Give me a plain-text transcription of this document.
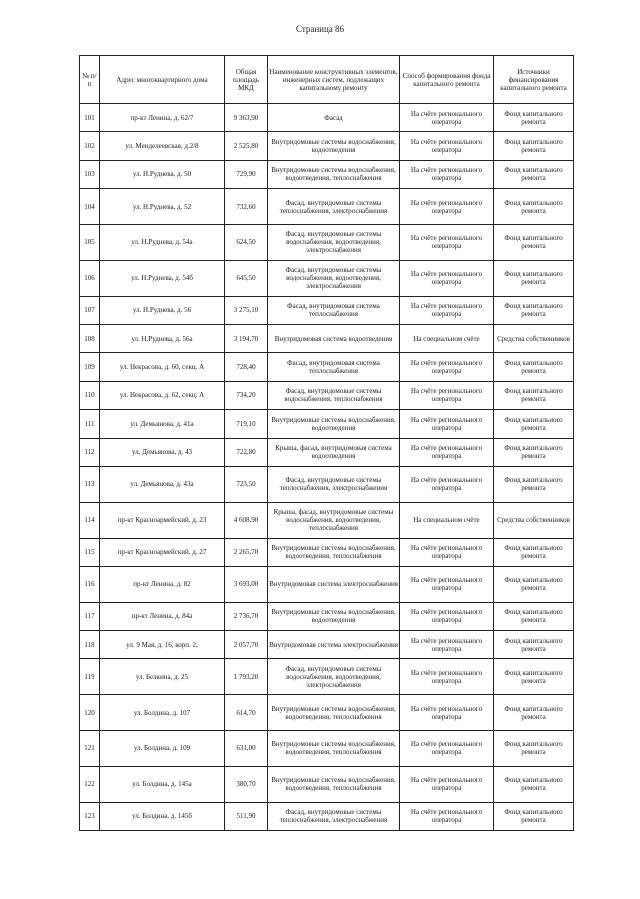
Страница 86
№ п/п	Адрес многоквартирного дома	Общая площадь МКД	Наименование конструктивных элементов, инженерных систем, подлежащих капитальному ремонту	Способ формирования фонда капитального ремонта	Источники финансирования капитального ремонта
101	пр-кт Ленина, д. 62/7	9 363,90	Фасад	На счёте регионального оператора	Фонд капитального ремонта
102	ул. Менделеевская, д.2/8	2 525,80	Внутридомовые системы водоснабжения, водоотведения	На счёте регионального оператора	Фонд капитального ремонта
103	ул. Н.Руднева, д. 50	729,90	Внутридомовые системы водоснабжения, водоотведения, теплоснабжения	На счёте регионального оператора	Фонд капитального ремонта
104	ул. Н.Руднева, д. 52	732,60	Фасад, внутридомовые системы теплоснабжения, электроснабжения	На счёте регионального оператора	Фонд капитального ремонта
105	ул. Н.Руднева, д. 54а	624,50	Фасад, внутридомовые системы водоснабжения, водоотведения, электроснабжения	На счёте регионального оператора	Фонд капитального ремонта
106	ул. Н.Руднева, д. 54б	645,50	Фасад, внутридомовые системы водоснабжения, водоотведения, электроснабжения	На счёте регионального оператора	Фонд капитального ремонта
107	ул. Н.Руднева, д. 56	3 275,10	Фасад, внутридомовая система теплоснабжения	На счёте регионального оператора	Фонд капитального ремонта
108	ул. Н.Руднева, д. 56а	3 194,70	Внутридомовая система водоотведения	На специальном счёте	Средства собственников
109	ул. Некрасова, д. 60, секц. А	728,40	Фасад, внутридомовая система теплоснабжения	На счёте регионального оператора	Фонд капитального ремонта
110	ул. Некрасова, д. 62, секц. А	734,20	Фасад, внутридомовые системы водоснабжения, теплоснабжения	На счёте регионального оператора	Фонд капитального ремонта
111	ул. Демьянова, д. 41а	719,10	Внутридомовые системы водоснабжения, водоотведения	На счёте регионального оператора	Фонд капитального ремонта
112	ул. Демьянова, д. 43	722,80	Крыша, фасад, внутридомовая система водоотведения	На счёте регионального оператора	Фонд капитального ремонта
113	ул. Демьянова, д. 43а	723,50	Фасад, внутридомовые системы теплоснабжения, электроснабжения	На счёте регионального оператора	Фонд капитального ремонта
114	пр-кт Красноармейский, д. 23	4 608,90	Крыша, фасад, внутридомовые системы водоснабжения, водоотведения, теплоснабжения	На специальном счёте	Средства собственников
115	пр-кт Красноармейский, д. 27	2 265,70	Внутридомовые системы водоснабжения, водоотведения, теплоснабжения	На счёте регионального оператора	Фонд капитального ремонта
116	пр-кт Ленина, д. 82	3 693,00	Внутридомовая система электроснабжения	На счёте регионального оператора	Фонд капитального ремонта
117	пр-кт Ленина, д. 84а	2 736,70	Внутридомовые системы водоснабжения, водоотведения	На счёте регионального оператора	Фонд капитального ремонта
118	ул. 9 Мая, д. 16, корп. 2,	2 057,70	Внутридомовая система электроснабжения	На счёте регионального оператора	Фонд капитального ремонта
119	ул. Белкина, д. 25	1 793,20	Фасад, внутридомовые системы водоснабжения, водоотведения, электроснабжения	На счёте регионального оператора	Фонд капитального ремонта
120	ул. Болдина, д. 107	614,70	Внутридомовые системы водоснабжения, водоотведения, теплоснабжения	На счёте регионального оператора	Фонд капитального ремонта
121	ул. Болдина, д. 109	631,00	Внутридомовые системы водоснабжения, водоотведения, теплоснабжения	На счёте регионального оператора	Фонд капитального ремонта
122	ул. Болдина, д. 145а	380,70	Внутридомовые системы водоснабжения, водоотведения, теплоснабжения	На счёте регионального оператора	Фонд капитального ремонта
123	ул. Болдина, д. 145б	511,90	Фасад, внутридомовые системы теплоснабжения, электроснабжения	На счёте регионального оператора	Фонд капитального ремонта
